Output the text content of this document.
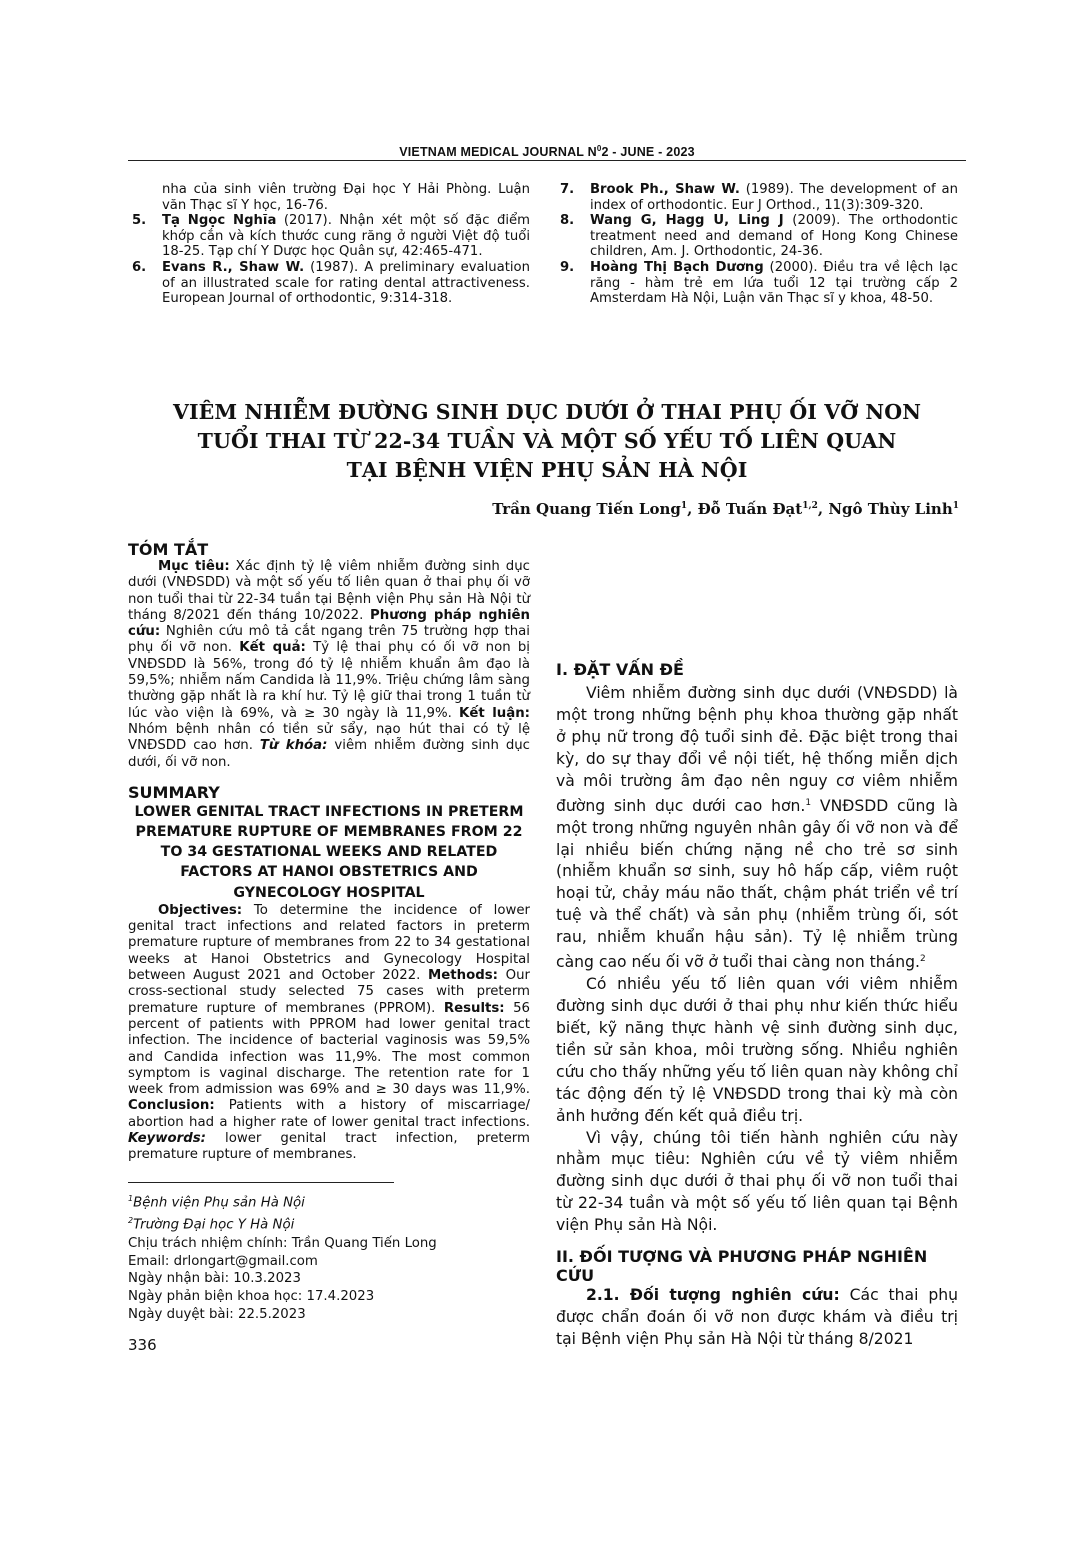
VIETNAM MEDICAL JOURNAL $N^02$ - JUNE - 2023
nha của sinh viên trường Đại học Y Hải Phòng. Luận văn Thạc sĩ Y học, 16-76.
5. Tạ Ngọc Nghĩa (2017). Nhận xét một số đặc điểm khớp cắn và kích thước cung răng ở người Việt độ tuổi 18-25. Tạp chí Y Dược học Quân sự, 42:465-471.
6. Evans R., Shaw W. (1987). A preliminary evaluation of an illustrated scale for rating dental attractiveness. European Journal of orthodontic, 9:314-318.
7. Brook Ph., Shaw W. (1989). The development of an index of orthodontic. Eur J Orthod., 11(3):309-320.
8. Wang G, Hagg U, Ling J (2009). The orthodontic treatment need and demand of Hong Kong Chinese children, Am. J. Orthodontic, 24-36.
9. Hoàng Thị Bạch Dương (2000). Điều tra về lệch lạc răng - hàm trẻ em lứa tuổi 12 tại trường cấp 2 Amsterdam Hà Nội, Luận văn Thạc sĩ y khoa, 48-50.
VIÊM NHIỄM ĐƯỜNG SINH DỤC DƯỚI Ở THAI PHỤ ỐI VỠ NON
TUỔI THAI TỪ 22-34 TUẦN VÀ MỘT SỐ YẾU TỐ LIÊN QUAN
TẠI BỆNH VIỆN PHỤ SẢN HÀ NỘI
Trần Quang Tiến Long$^1$, Đỗ Tuấn Đạt$^{1,2}$, Ngô Thùy Linh$^1$
TÓM TẮT

Mục tiêu: Xác định tỷ lệ viêm nhiễm đường sinh dục dưới (VNĐSDD) và một số yếu tố liên quan ở thai phụ ối vỡ non tuổi thai từ 22-34 tuần tại Bệnh viện Phụ sản Hà Nội từ tháng 8/2021 đến tháng 10/2022. Phương pháp nghiên cứu: Nghiên cứu mô tả cắt ngang trên 75 trường hợp thai phụ ối vỡ non. Kết quả: Tỷ lệ thai phụ có ối vỡ non bị VNĐSDD là 56%, trong đó tỷ lệ nhiễm khuẩn âm đạo là 59,5%; nhiễm nấm Candida là 11,9%. Triệu chứng lâm sàng thường gặp nhất là ra khí hư. Tỷ lệ giữ thai trong 1 tuần từ lúc vào viện là 69%, và ≥ 30 ngày là 11,9%. Kết luận: Nhóm bệnh nhân có tiền sử sẩy, nạo hút thai có tỷ lệ VNĐSDD cao hơn. Từ khóa: viêm nhiễm đường sinh dục dưới, ối vỡ non.

SUMMARY

LOWER GENITAL TRACT INFECTIONS IN PRETERM PREMATURE RUPTURE OF MEMBRANES FROM 22 TO 34 GESTATIONAL WEEKS AND RELATED FACTORS AT HANOI OBSTETRICS AND GYNECOLOGY HOSPITAL

Objectives: To determine the incidence of lower genital tract infections and related factors in preterm premature rupture of membranes from 22 to 34 gestational weeks at Hanoi Obstetrics and Gynecology Hospital between August 2021 and October 2022. Methods: Our cross-sectional study selected 75 cases with preterm premature rupture of membranes (PPROM). Results: 56 percent of patients with PPROM had lower genital tract infection. The incidence of bacterial vaginosis was 59,5% and Candida infection was 11,9%. The most common symptom is vaginal discharge. The retention rate for 1 week from admission was 69% and ≥ 30 days was 11,9%. Conclusion: Patients with a history of miscarriage/ abortion had a higher rate of lower genital tract infections. Keywords: lower genital tract infection, preterm premature rupture of membranes.

I. ĐẶT VẤN ĐỀ

Viêm nhiễm đường sinh dục dưới (VNĐSDD) là một trong những bệnh phụ khoa thường gặp nhất ở phụ nữ trong độ tuổi sinh đẻ. Đặc biệt trong thai kỳ, do sự thay đổi về nội tiết, hệ thống miễn dịch và môi trường âm đạo nên nguy cơ viêm nhiễm đường sinh dục dưới cao hơn.$^1$ VNĐSDD cũng là một trong những nguyên nhân gây ối vỡ non và để lại nhiều biến chứng nặng nề cho trẻ sơ sinh (nhiễm khuẩn sơ sinh, suy hô hấp cấp, viêm ruột hoại tử, chảy máu não thất, chậm phát triển về trí tuệ và thể chất) và sản phụ (nhiễm trùng ối, sót rau, nhiễm khuẩn hậu sản). Tỷ lệ nhiễm trùng càng cao nếu ối vỡ ở tuổi thai càng non tháng.$^2$

Có nhiều yếu tố liên quan với viêm nhiễm đường sinh dục dưới ở thai phụ như kiến thức hiểu biết, kỹ năng thực hành vệ sinh đường sinh dục, tiền sử sản khoa, môi trường sống. Nhiều nghiên cứu cho thấy những yếu tố liên quan này không chỉ tác động đến tỷ lệ VNĐSDD trong thai kỳ mà còn ảnh hưởng đến kết quả điều trị.

Vì vậy, chúng tôi tiến hành nghiên cứu này nhằm mục tiêu: Nghiên cứu về tỷ viêm nhiễm đường sinh dục dưới ở thai phụ ối vỡ non tuổi thai từ 22-34 tuần và một số yếu tố liên quan tại Bệnh viện Phụ sản Hà Nội.

II. ĐỐI TƯỢNG VÀ PHƯƠNG PHÁP NGHIÊN CỨU

2.1. Đối tượng nghiên cứu: Các thai phụ được chẩn đoán ối vỡ non được khám và điều trị tại Bệnh viện Phụ sản Hà Nội từ tháng 8/2021

$^1$Bệnh viện Phụ sản Hà Nội
$^2$Trường Đại học Y Hà Nội
Chịu trách nhiệm chính: Trần Quang Tiến Long
Email: drlongart@gmail.com
Ngày nhận bài: 10.3.2023
Ngày phản biện khoa học: 17.4.2023
Ngày duyệt bài: 22.5.2023
336
